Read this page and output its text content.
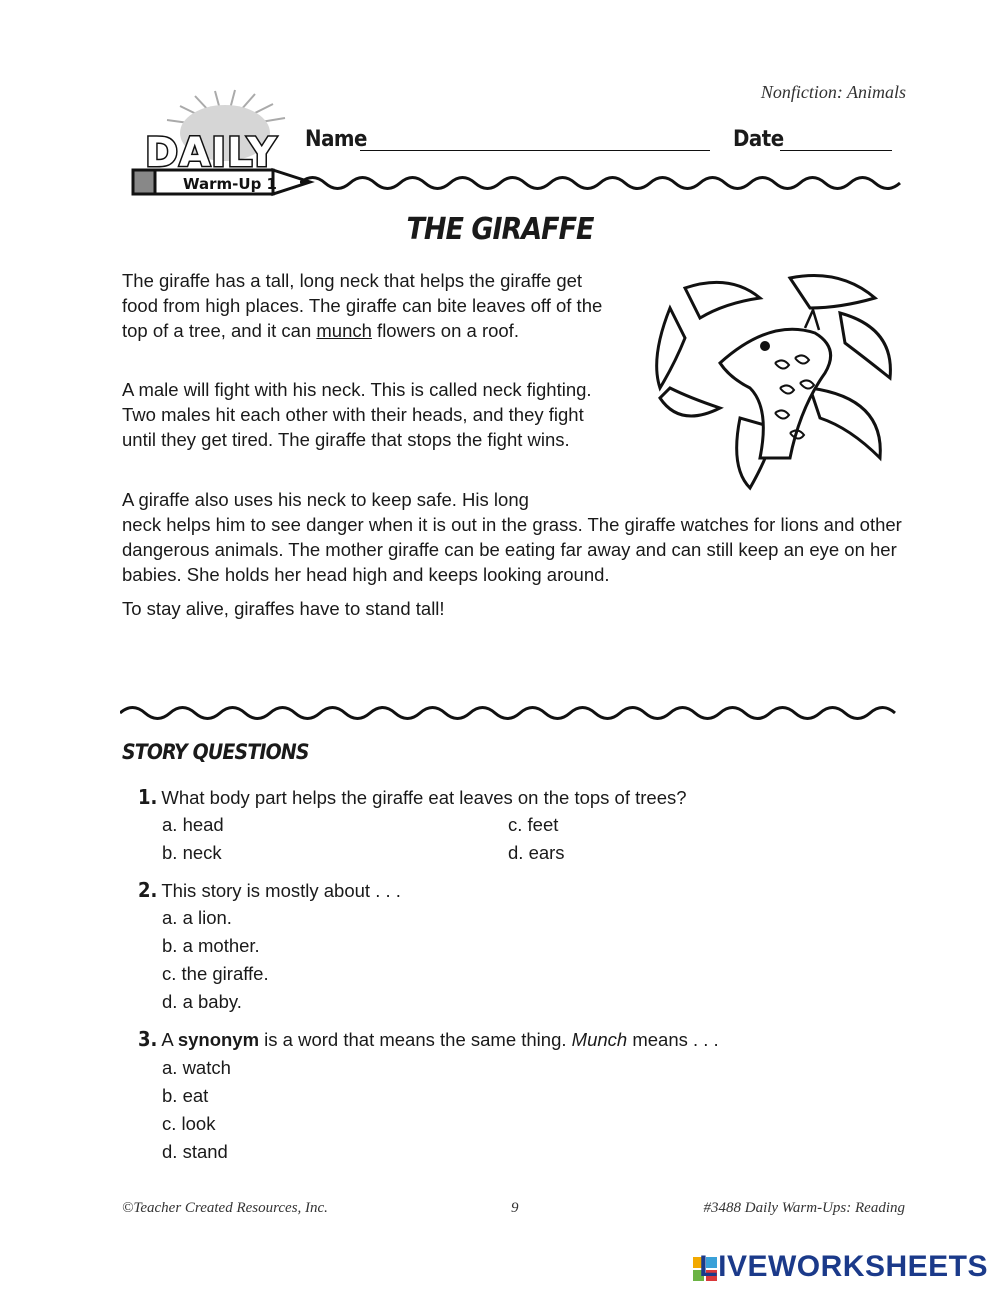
Nonfiction: Animals
DAILY
Warm-Up 1
Name	Date
THE GIRAFFE
The giraffe has a tall, long neck that helps the giraffe get food from high places. The giraffe can bite leaves off of the top of a tree, and it can munch flowers on a roof.
A male will fight with his neck. This is called neck fighting. Two males hit each other with their heads, and they fight until they get tired. The giraffe that stops the fight wins.
A giraffe also uses his neck to keep safe. His long
neck helps him to see danger when it is out in the grass. The giraffe watches for lions and other dangerous animals. The mother giraffe can be eating far away and can still keep an eye on her babies. She holds her head high and keeps looking around.
To stay alive, giraffes have to stand tall!
STORY QUESTIONS
1. What body part helps the giraffe eat leaves on the tops of trees?
a. head
b. neck
c. feet
d. ears
2. This story is mostly about . . .
a. a lion.
b. a mother.
c. the giraffe.
d. a baby.
3. A synonym is a word that means the same thing. Munch means . . .
a. watch
b. eat
c. look
d. stand
©Teacher Created Resources, Inc.	9	#3488 Daily Warm-Ups: Reading
LIVEWORKSHEETS
